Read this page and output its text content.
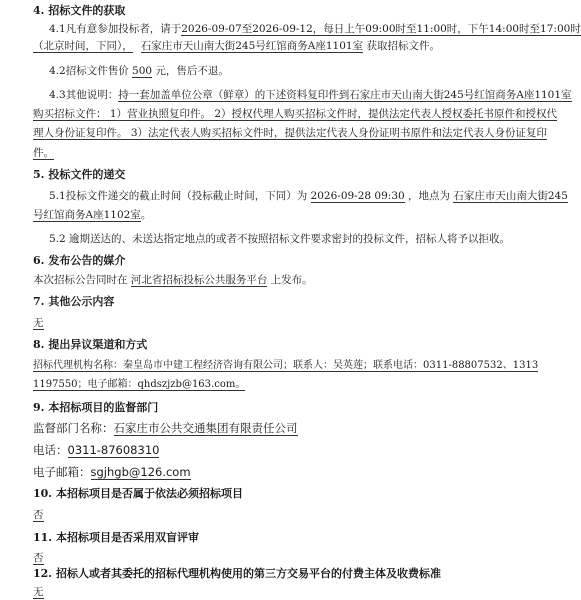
4. 招标文件的获取
4.1凡有意参加投标者，请于2026-09-07至2026-09-12，每日上午09:00时至11:00时，下午14:00时至17:00时
（北京时间，下同）， 石家庄市天山南大街245号红馆商务A座1101室 获取招标文件。
4.2招标文件售价 500 元，售后不退。
4.3其他说明：持一套加盖单位公章（鲜章）的下述资料复印件到石家庄市天山南大街245号红馆商务A座1101室
购买招标文件： 1）营业执照复印件。 2）授权代理人购买招标文件时，提供法定代表人授权委托书原件和授权代
理人身份证复印件。 3）法定代表人购买招标文件时，提供法定代表人身份证明书原件和法定代表人身份证复印
件。
5. 投标文件的递交
5.1投标文件递交的截止时间（投标截止时间，下同）为 2026-09-28 09:30 ，地点为 石家庄市天山南大街245
号红馆商务A座1102室。
5.2 逾期送达的、未送达指定地点的或者不按照招标文件要求密封的投标文件，招标人将予以拒收。
6. 发布公告的媒介
本次招标公告同时在 河北省招标投标公共服务平台 上发布。
7. 其他公示内容
无
8. 提出异议渠道和方式
招标代理机构名称：秦皇岛市中建工程经济咨询有限公司；联系人：吴英莲；联系电话：0311-88807532、1313
1197550；电子邮箱：qhdszjzb@163.com。
9. 本招标项目的监督部门
监督部门名称：石家庄市公共交通集团有限责任公司
电话：0311-87608310
电子邮箱：sgjhgb@126.com
10. 本招标项目是否属于依法必须招标项目
否
11. 本招标项目是否采用双盲评审
否
12. 招标人或者其委托的招标代理机构使用的第三方交易平台的付费主体及收费标准
无
